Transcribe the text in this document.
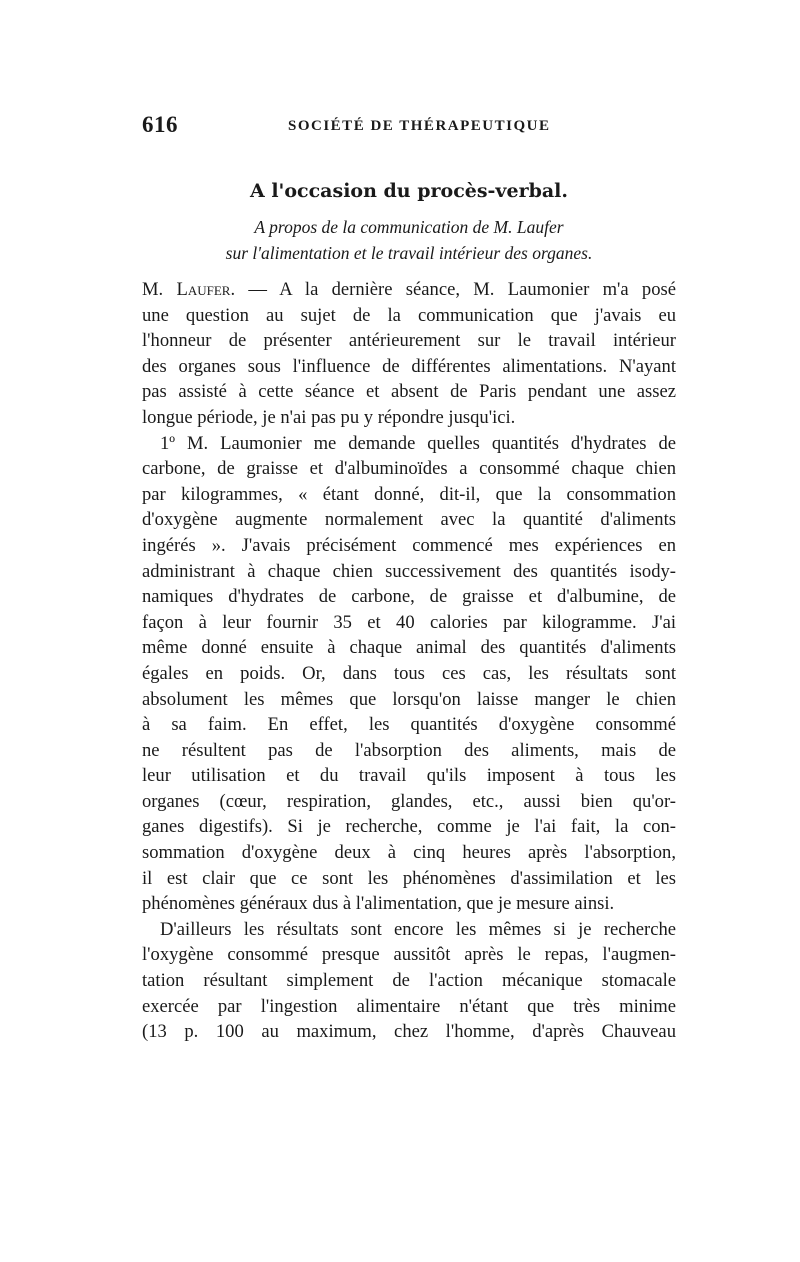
616	SOCIÉTÉ DE THÉRAPEUTIQUE
A l'occasion du procès-verbal.
A propos de la communication de M. Laufer
sur l'alimentation et le travail intérieur des organes.
M. Laufer. — A la dernière séance, M. Laumonier m'a posé
une question au sujet de la communication que j'avais eu
l'honneur de présenter antérieurement sur le travail intérieur
des organes sous l'influence de différentes alimentations. N'ayant
pas assisté à cette séance et absent de Paris pendant une assez
longue période, je n'ai pas pu y répondre jusqu'ici.
1º M. Laumonier me demande quelles quantités d'hydrates de
carbone, de graisse et d'albuminoïdes a consommé chaque chien
par kilogrammes, « étant donné, dit-il, que la consommation
d'oxygène augmente normalement avec la quantité d'aliments
ingérés ». J'avais précisément commencé mes expériences en
administrant à chaque chien successivement des quantités isody-
namiques d'hydrates de carbone, de graisse et d'albumine, de
façon à leur fournir 35 et 40 calories par kilogramme. J'ai
même donné ensuite à chaque animal des quantités d'aliments
égales en poids. Or, dans tous ces cas, les résultats sont
absolument les mêmes que lorsqu'on laisse manger le chien
à sa faim. En effet, les quantités d'oxygène consommé
ne résultent pas de l'absorption des aliments, mais de
leur utilisation et du travail qu'ils imposent à tous les
organes (cœur, respiration, glandes, etc., aussi bien qu'or-
ganes digestifs). Si je recherche, comme je l'ai fait, la con-
sommation d'oxygène deux à cinq heures après l'absorption,
il est clair que ce sont les phénomènes d'assimilation et les
phénomènes généraux dus à l'alimentation, que je mesure ainsi.
D'ailleurs les résultats sont encore les mêmes si je recherche
l'oxygène consommé presque aussitôt après le repas, l'augmen-
tation résultant simplement de l'action mécanique stomacale
exercée par l'ingestion alimentaire n'étant que très minime
(13 p. 100 au maximum, chez l'homme, d'après Chauveau
